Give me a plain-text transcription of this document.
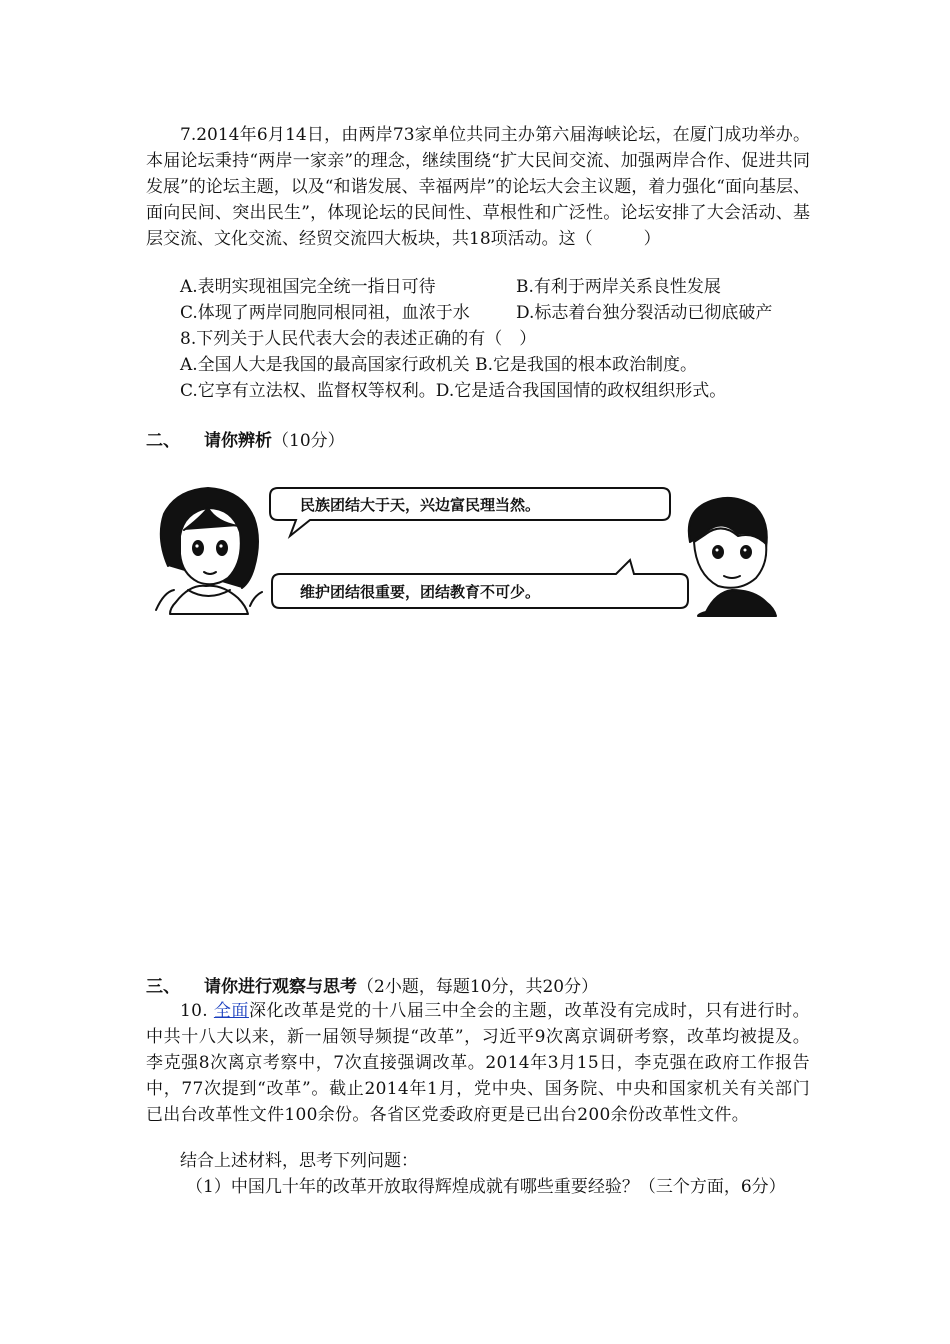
7.2014年6月14日，由两岸73家单位共同主办第六届海峡论坛，在厦门成功举办。本届论坛秉持“两岸一家亲”的理念，继续围绕“扩大民间交流、加强两岸合作、促进共同发展”的论坛主题，以及“和谐发展、幸福两岸”的论坛大会主议题，着力强化“面向基层、面向民间、突出民生”，体现论坛的民间性、草根性和广泛性。论坛安排了大会活动、基层交流、文化交流、经贸交流四大板块，共18项活动。这（　　　）
A.表明实现祖国完全统一指日可待	B.有利于两岸关系良性发展
C.体现了两岸同胞同根同祖，血浓于水	D.标志着台独分裂活动已彻底破产
8.下列关于人民代表大会的表述正确的有（　）
A.全国人大是我国的最高国家行政机关 B.它是我国的根本政治制度。
C.它享有立法权、监督权等权利。D.它是适合我国国情的政权组织形式。
二、 请你辨析（10分）
民族团结大于天，兴边富民理当然。
维护团结很重要，团结教育不可少。
三、 请你进行观察与思考（2小题，每题10分，共20分）
10. 全面深化改革是党的十八届三中全会的主题，改革没有完成时，只有进行时。中共十八大以来，新一届领导频提“改革”，习近平9次离京调研考察，改革均被提及。李克强8次离京考察中，7次直接强调改革。2014年3月15日，李克强在政府工作报告中，77次提到“改革”。截止2014年1月，党中央、国务院、中央和国家机关有关部门已出台改革性文件100余份。各省区党委政府更是已出台200余份改革性文件。
结合上述材料，思考下列问题：
（1）中国几十年的改革开放取得辉煌成就有哪些重要经验？（三个方面，6分）
